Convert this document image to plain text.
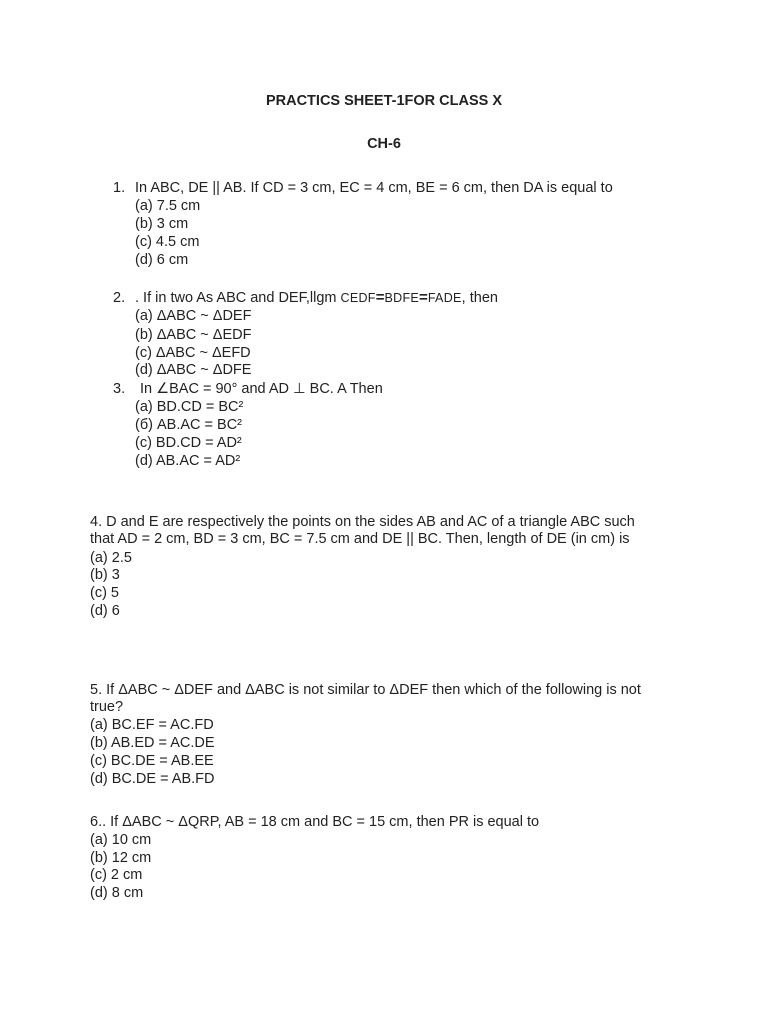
PRACTICS SHEET-1FOR CLASS X
CH-6
1. In ABC, DE || AB. If CD = 3 cm, EC = 4 cm, BE = 6 cm, then DA is equal to
(a) 7.5 cm
(b) 3 cm
(c) 4.5 cm
(d) 6 cm
2. . If in two As ABC and DEF,llgm CEDF=BDFE=FADE, then
(a) ΔABC ~ ΔDEF
(b) ΔABC ~ ΔEDF
(c) ΔABC ~ ΔEFD
(d) ΔABC ~ ΔDFE
3. In ∠BAC = 90° and AD ⊥ BC. A Then
(a) BD.CD = BC²
(б) AB.AC = BC²
(c) BD.CD = AD²
(d) AB.AC = AD²
4. D and E are respectively the points on the sides AB and AC of a triangle ABC such
that AD = 2 cm, BD = 3 cm, BC = 7.5 cm and DE || BC. Then, length of DE (in cm) is
(a) 2.5
(b) 3
(c) 5
(d) 6
5. If ΔABC ~ ΔDEF and ΔABC is not similar to ΔDEF then which of the following is not
true?
(a) BC.EF = AC.FD
(b) AB.ED = AC.DE
(c) BC.DE = AB.EE
(d) BC.DE = AB.FD
6.. If ΔABC ~ ΔQRP, AB = 18 cm and BC = 15 cm, then PR is equal to
(a) 10 cm
(b) 12 cm
(c) 2 cm
(d) 8 cm
